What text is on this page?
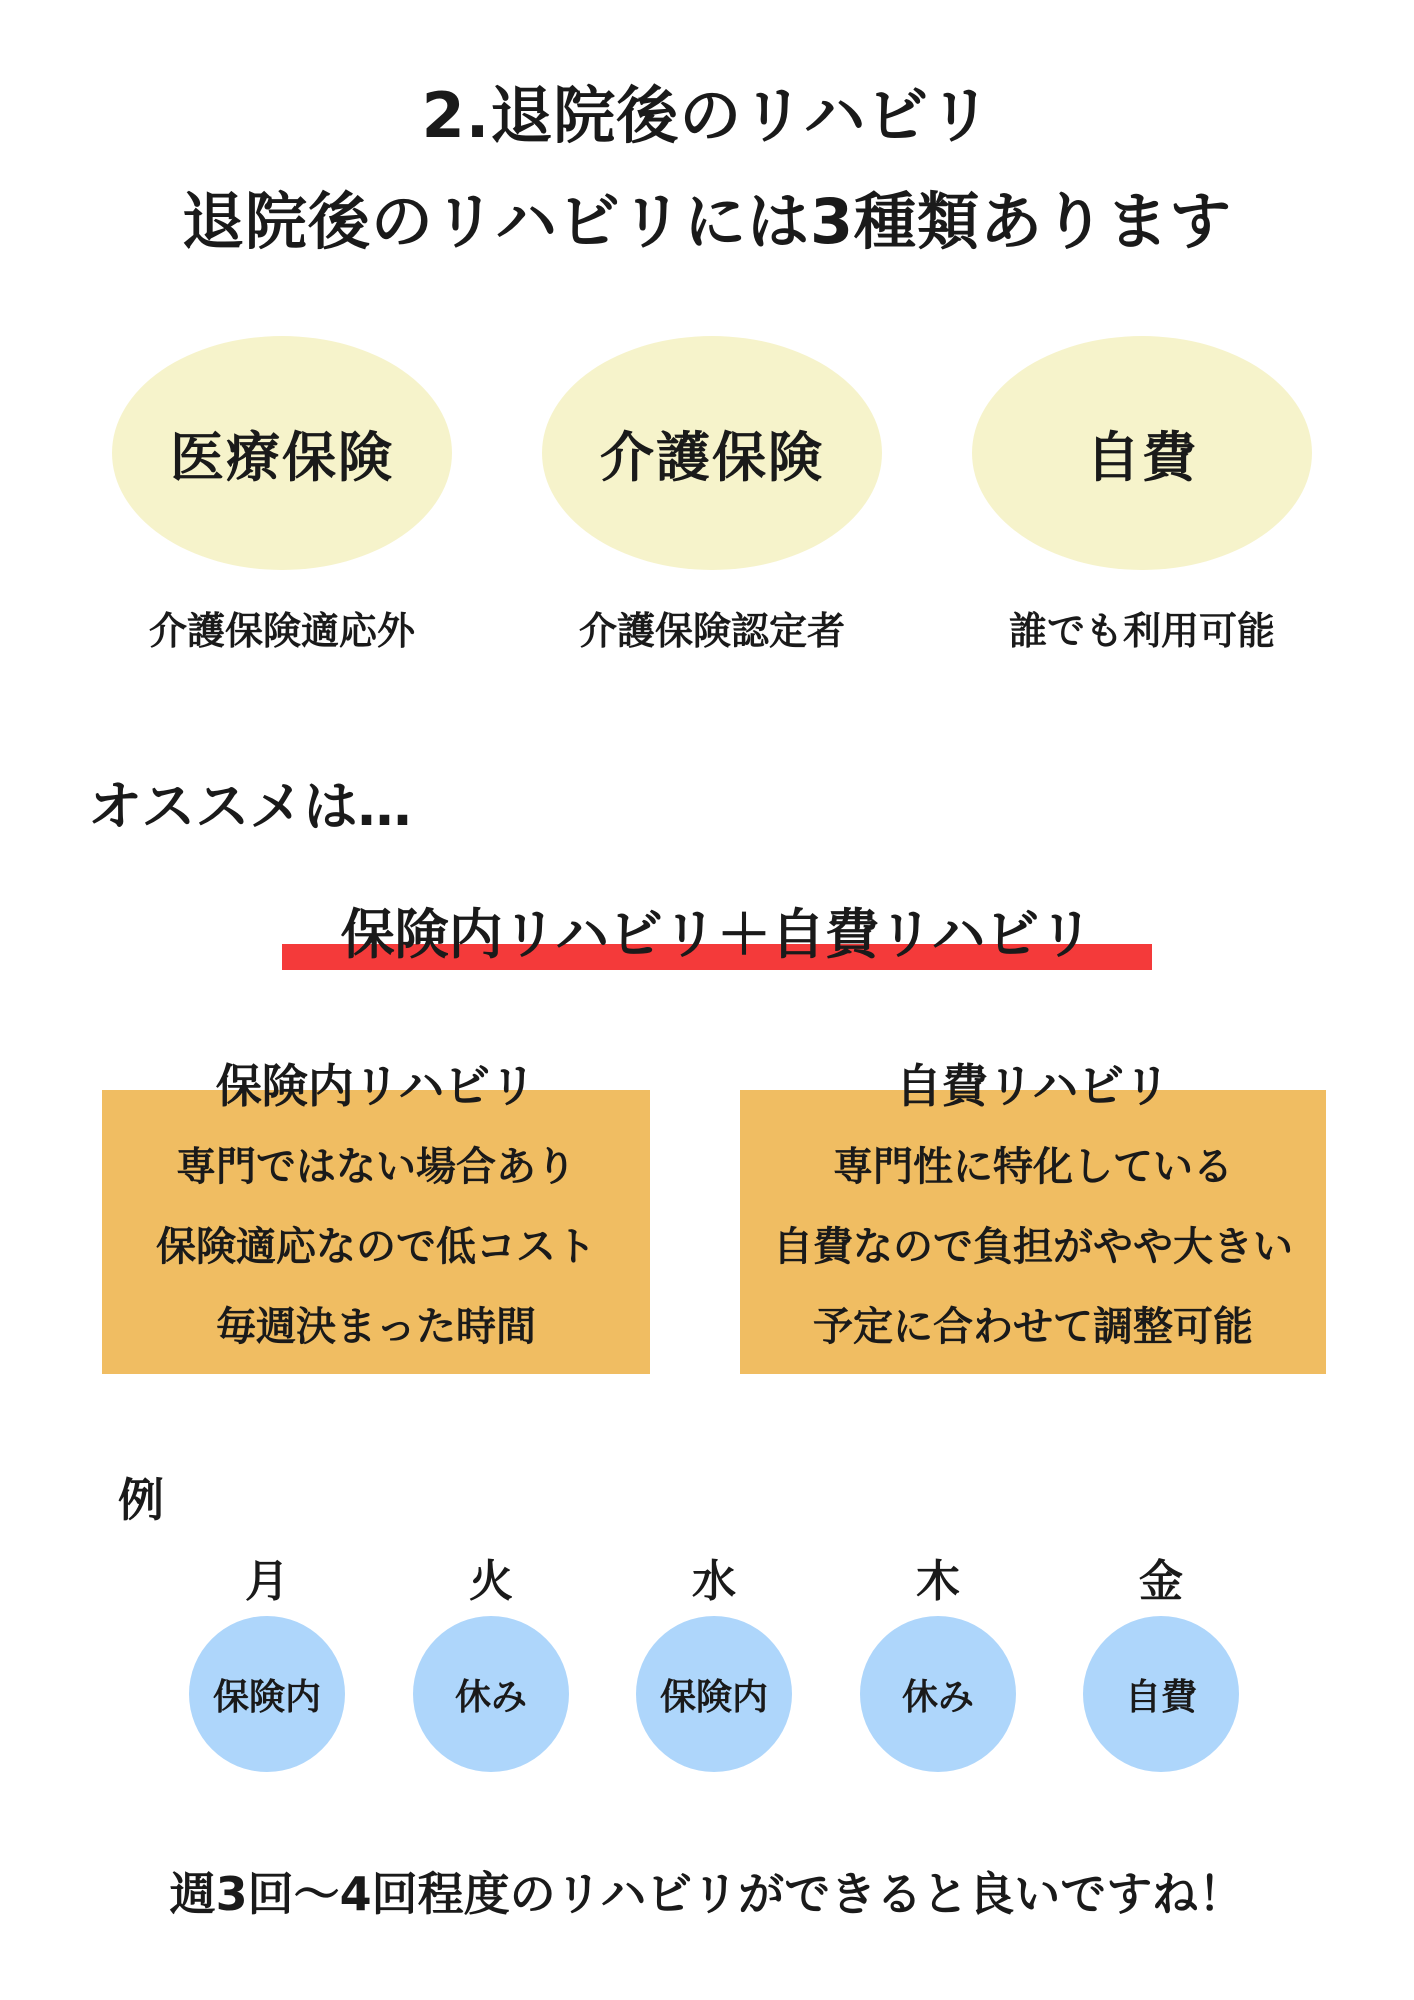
2.退院後のリハビリ
退院後のリハビリには3種類あります
医療保険	介護保険	自費
介護保険適応外	介護保険認定者	誰でも利用可能
オススメは…
保険内リハビリ＋自費リハビリ
保険内リハビリ
専門ではない場合あり
保険適応なので低コスト
毎週決まった時間
自費リハビリ
専門性に特化している
自費なので負担がやや大きい
予定に合わせて調整可能
例
月	火	水	木	金
保険内	休み	保険内	休み	自費
週3回〜4回程度のリハビリができると良いですね！
